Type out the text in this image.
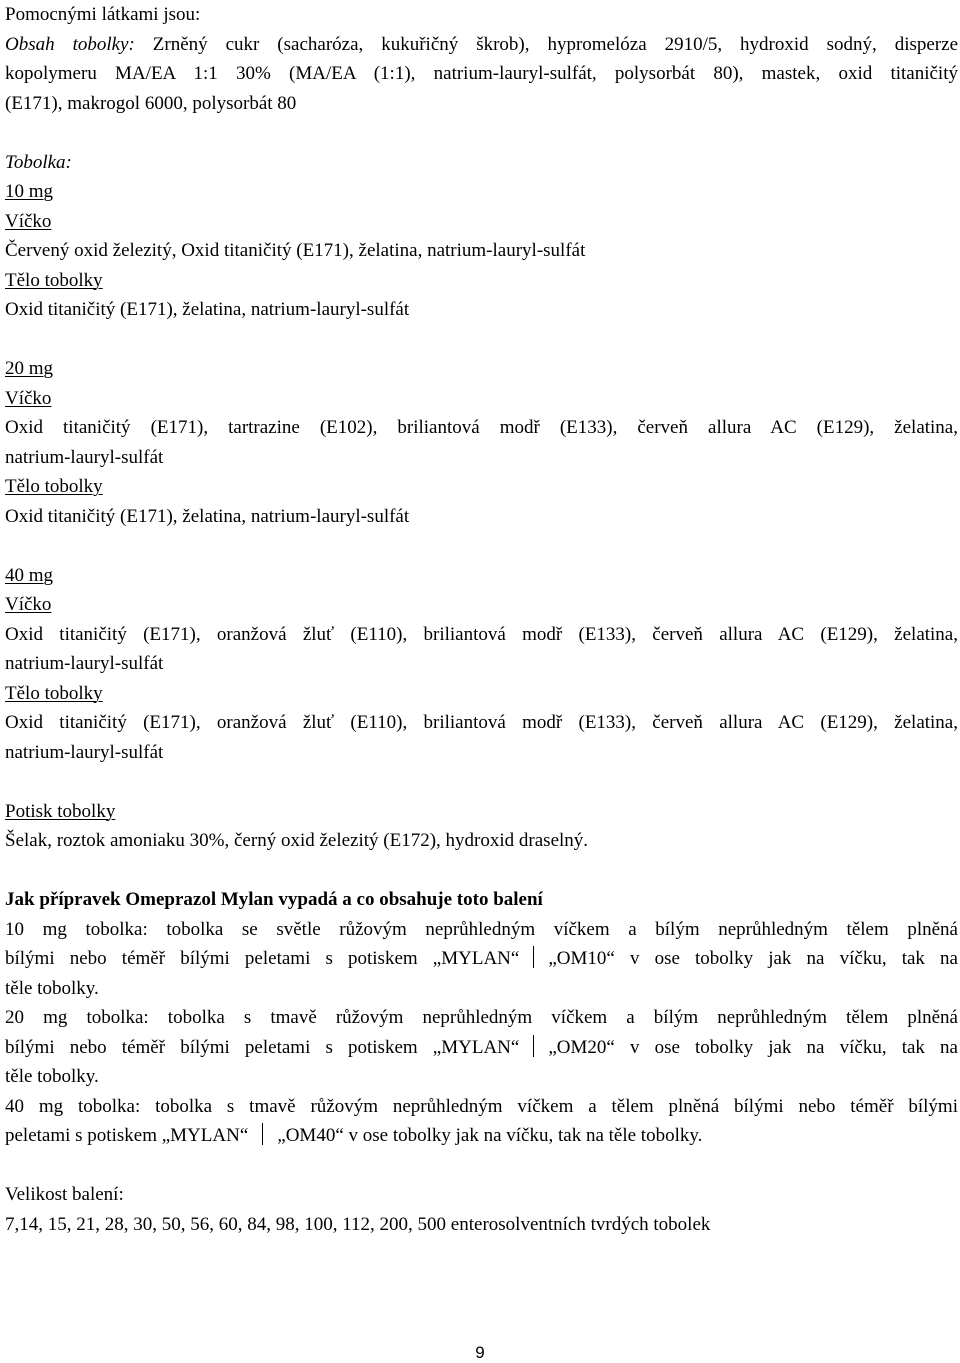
Pomocnými látkami jsou:
Obsah tobolky: Zrněný cukr (sacharóza, kukuřičný škrob), hypromelóza 2910/5, hydroxid sodný, disperze
kopolymeru MA/EA 1:1 30% (MA/EA (1:1), natrium-lauryl-sulfát, polysorbát 80), mastek, oxid titaničitý
(E171), makrogol 6000, polysorbát 80
Tobolka:
10 mg
Víčko
Červený oxid železitý, Oxid titaničitý (E171), želatina, natrium-lauryl-sulfát
Tělo tobolky
Oxid titaničitý (E171), želatina, natrium-lauryl-sulfát
20 mg
Víčko
Oxid titaničitý (E171), tartrazine (E102), briliantová modř (E133), červeň allura AC (E129), želatina,
natrium-lauryl-sulfát
Tělo tobolky
Oxid titaničitý (E171), želatina, natrium-lauryl-sulfát
40 mg
Víčko
Oxid titaničitý (E171), oranžová žluť (E110), briliantová modř (E133), červeň allura AC (E129), želatina,
natrium-lauryl-sulfát
Tělo tobolky
Oxid titaničitý (E171), oranžová žluť (E110), briliantová modř (E133), červeň allura AC (E129), želatina,
natrium-lauryl-sulfát
Potisk tobolky
Šelak, roztok amoniaku 30%, černý oxid železitý (E172), hydroxid draselný.
Jak přípravek Omeprazol Mylan vypadá a co obsahuje toto balení
10 mg tobolka: tobolka se světle růžovým neprůhledným víčkem a bílým neprůhledným tělem plněná
bílými nebo téměř bílými peletami s potiskem „MYLAN“ „OM10“ v ose tobolky jak na víčku, tak na
těle tobolky.
20 mg tobolka: tobolka s tmavě růžovým neprůhledným víčkem a bílým neprůhledným tělem plněná
bílými nebo téměř bílými peletami s potiskem „MYLAN“ „OM20“ v ose tobolky jak na víčku, tak na
těle tobolky.
40 mg tobolka: tobolka s tmavě růžovým neprůhledným víčkem a tělem plněná bílými nebo téměř bílými
peletami s potiskem „MYLAN“ „OM40“ v ose tobolky jak na víčku, tak na těle tobolky.
Velikost balení:
7,14, 15, 21, 28, 30, 50, 56, 60, 84, 98, 100, 112, 200, 500 enterosolventních tvrdých tobolek
9
